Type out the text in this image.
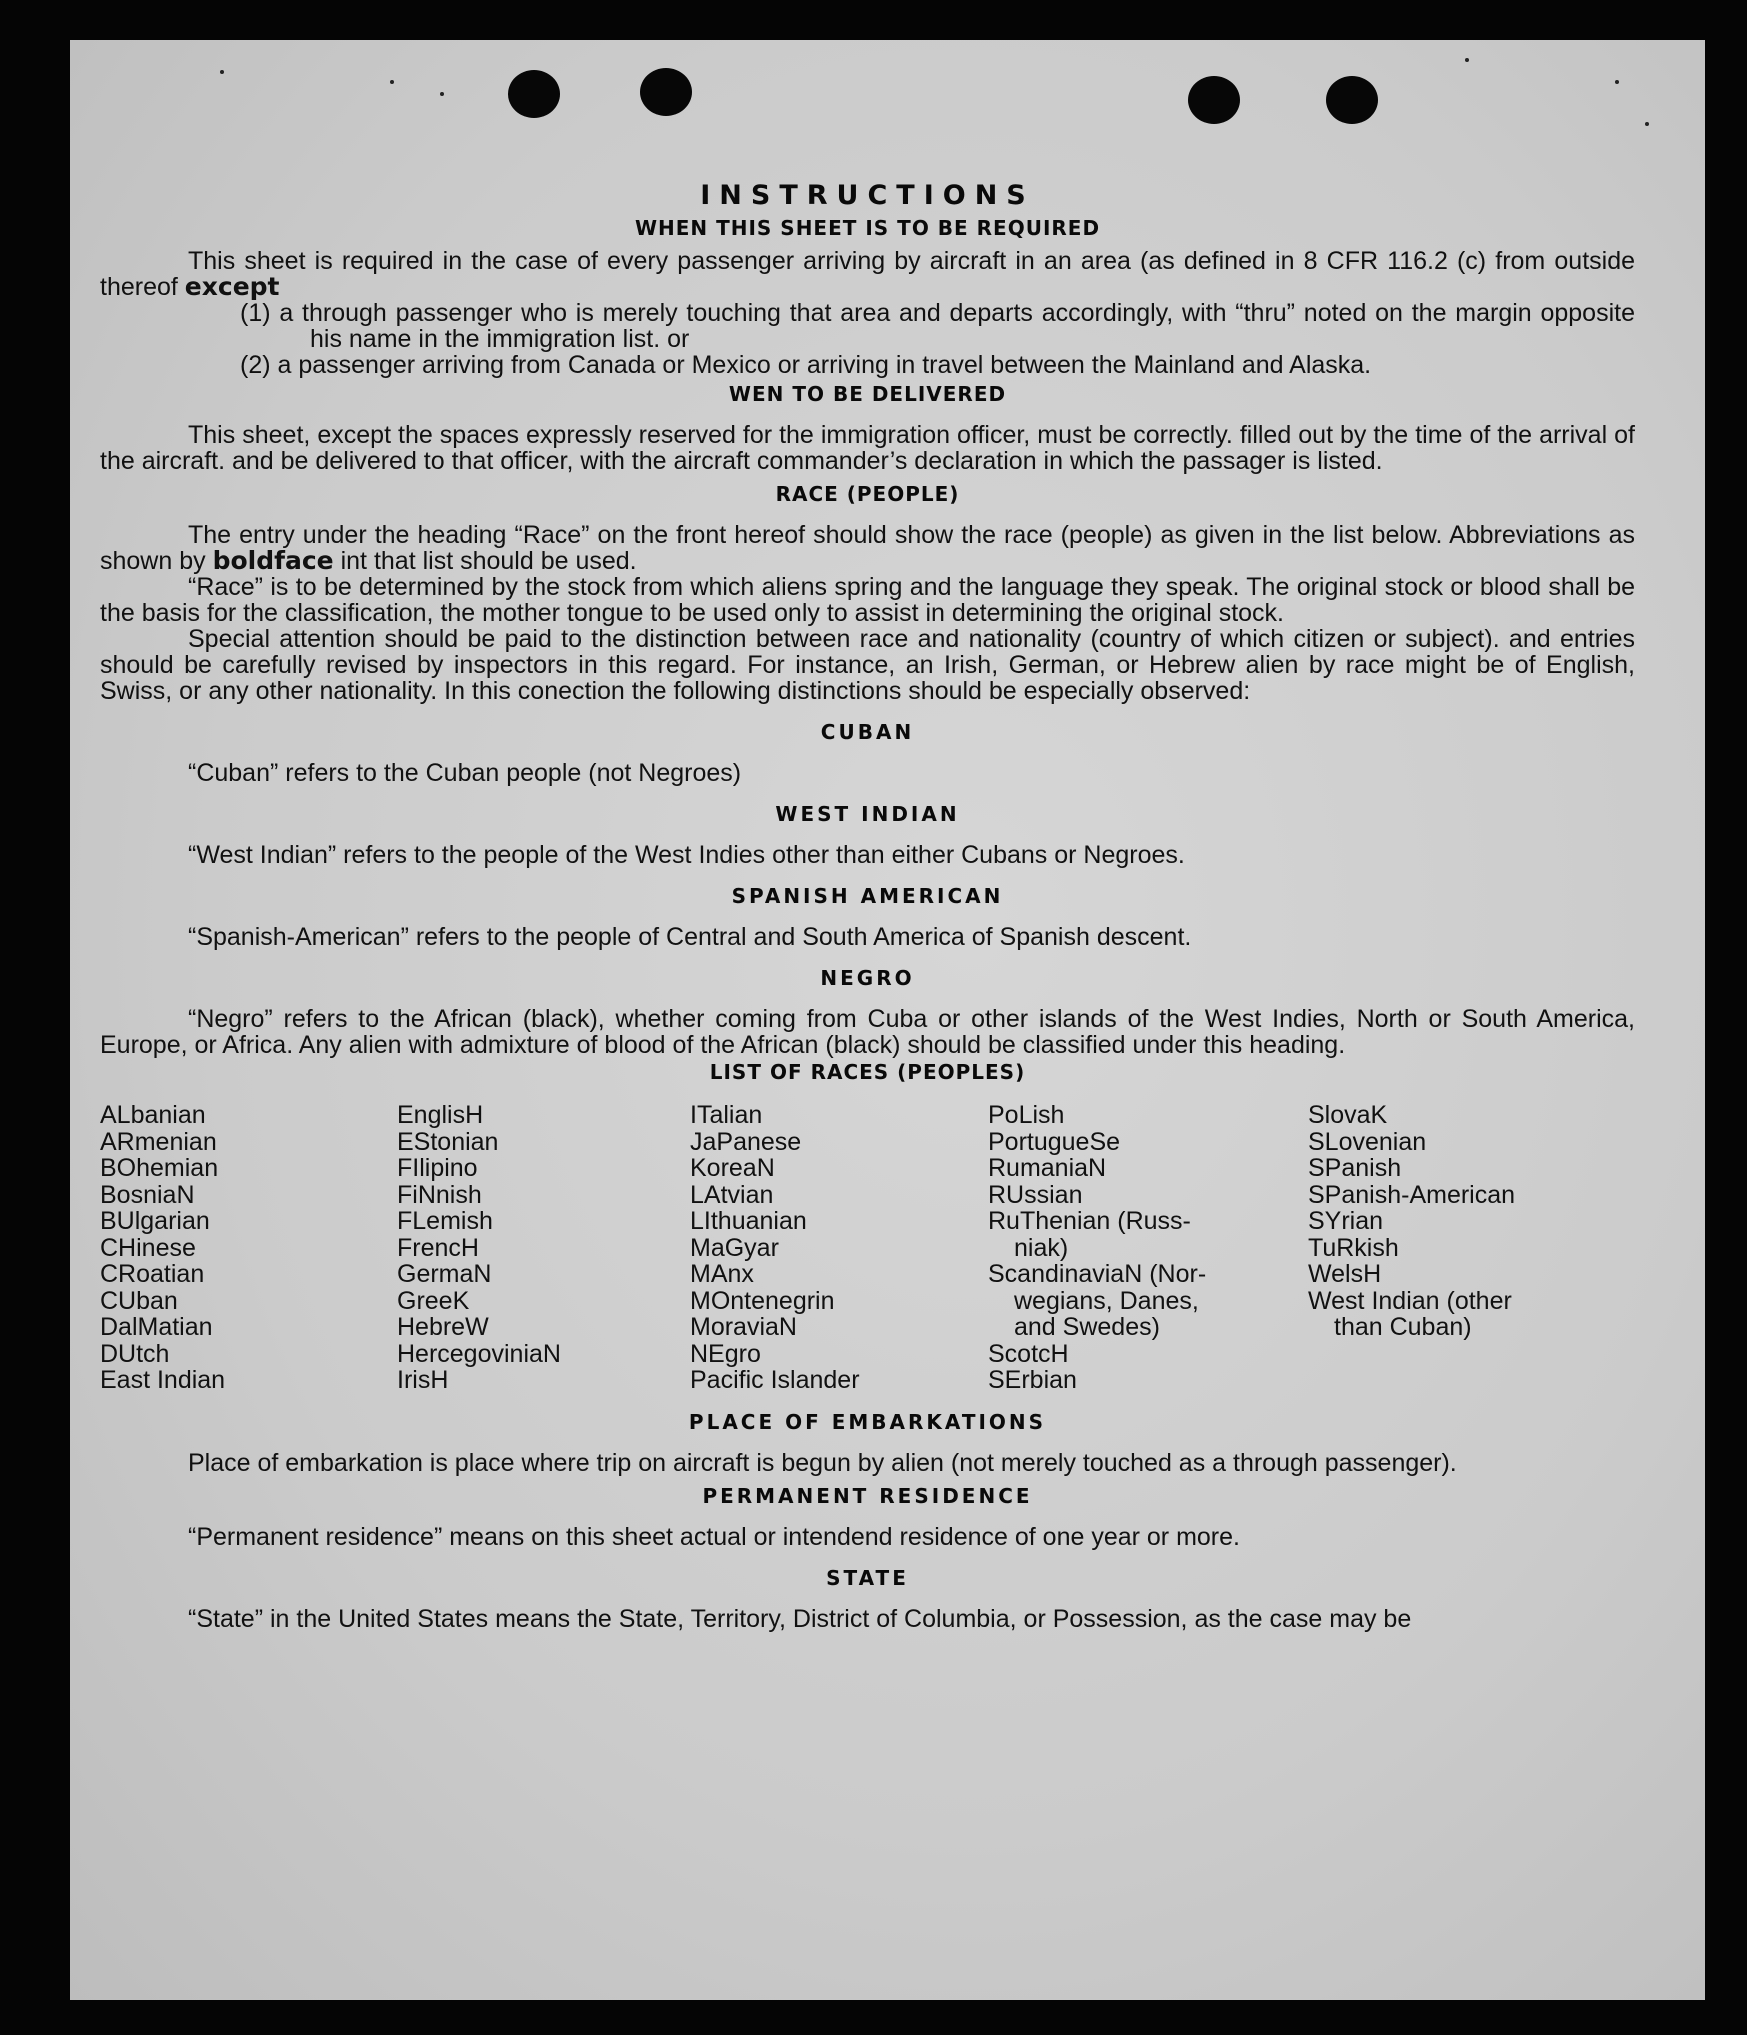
INSTRUCTIONS
WHEN THIS SHEET IS TO BE REQUIRED

This sheet is required in the case of every passenger arriving by aircraft in an area (as defined in 8 CFR 116.2 (c) from outside thereof except

(1) a through passenger who is merely touching that area and departs accordingly, with “thru” noted on the margin opposite his name in the immigration list. or

(2) a passenger arriving from Canada or Mexico or arriving in travel between the Mainland and Alaska.

WEN TO BE DELIVERED

This sheet, except the spaces expressly reserved for the immigration officer, must be correctly. filled out by the time of the arrival of the aircraft. and be delivered to that officer, with the aircraft commander’s declaration in which the passager is listed.

RACE (PEOPLE)

The entry under the heading “Race” on the front hereof should show the race (people) as given in the list below. Abbreviations as shown by boldface int that list should be used.

“Race” is to be determined by the stock from which aliens spring and the language they speak. The original stock or blood shall be the basis for the classification, the mother tongue to be used only to assist in determining the original stock.

Special attention should be paid to the distinction between race and nationality (country of which citizen or subject). and entries should be carefully revised by inspectors in this regard. For instance, an Irish, German, or Hebrew alien by race might be of English, Swiss, or any other nationality. In this conection the following distinctions should be especially observed:

CUBAN

“Cuban” refers to the Cuban people (not Negroes)

WEST INDIAN

“West Indian” refers to the people of the West Indies other than either Cubans or Negroes.

SPANISH AMERICAN

“Spanish-American” refers to the people of Central and South America of Spanish descent.

NEGRO

“Negro” refers to the African (black), whether coming from Cuba or other islands of the West Indies, North or South America, Europe, or Africa. Any alien with admixture of blood of the African (black) should be classified under this heading.

LIST OF RACES (PEOPLES)
ALbanian
ARmenian
BOhemian
BosniaN
BUlgarian
CHinese
CRoatian
CUban
DalMatian
DUtch
East Indian
EnglisH
EStonian
FIlipino
FiNnish
FLemish
FrencH
GermaN
GreeK
HebreW
HercegoviniaN
IrisH
ITalian
JaPanese
KoreaN
LAtvian
LIthuanian
MaGyar
MAnx
MOntenegrin
MoraviaN
NEgro
Pacific Islander
PoLish
PortugueSe
RumaniaN
RUssian
RuThenian (Russ-
niak)
ScandinaviaN (Nor-
wegians, Danes,
and Swedes)
ScotcH
SErbian
SlovaK
SLovenian
SPanish
SPanish-American
SYrian
TuRkish
WelsH
West Indian (other
than Cuban)
PLACE OF EMBARKATIONS

Place of embarkation is place where trip on aircraft is begun by alien (not merely touched as a through passenger).

PERMANENT RESIDENCE

“Permanent residence” means on this sheet actual or intendend residence of one year or more.

STATE

“State” in the United States means the State, Territory, District of Columbia, or Possession, as the case may be
